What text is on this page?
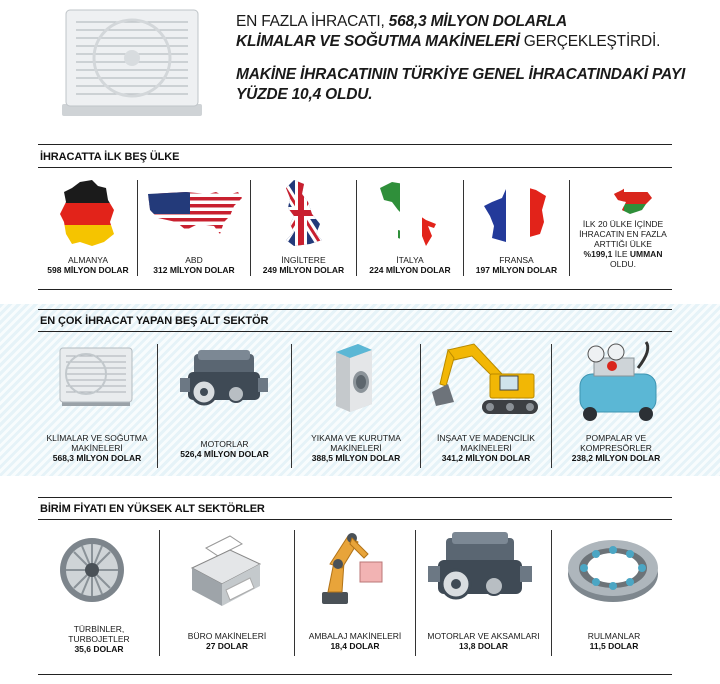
EN FAZLA İHRACATI, 568,3 MİLYON DOLARLA
KLİMALAR VE SOĞUTMA MAKİNELERİ GERÇEKLEŞTİRDİ.
MAKİNE İHRACATININ TÜRKİYE GENEL İHRACATINDAKİ PAYI YÜZDE 10,4 OLDU.
İHRACATTA İLK BEŞ ÜLKE
ALMANYA
598 MİLYON DOLAR
ABD
312 MİLYON DOLAR
İNGİLTERE
249 MİLYON DOLAR
İTALYA
224 MİLYON DOLAR
FRANSA
197 MİLYON DOLAR
İLK 20 ÜLKE İÇİNDE
İHRACATIN EN FAZLA
ARTTIĞI ÜLKE
%199,1 İLE UMMAN
OLDU.
EN ÇOK İHRACAT YAPAN BEŞ ALT SEKTÖR
KLİMALAR VE SOĞUTMA
MAKİNELERİ
568,3 MİLYON DOLAR
MOTORLAR
526,4 MİLYON DOLAR
YIKAMA VE KURUTMA
MAKİNELERİ
388,5 MİLYON DOLAR
İNŞAAT VE MADENCİLİK
MAKİNELERİ
341,2 MİLYON DOLAR
POMPALAR VE
KOMPRESÖRLER
238,2 MİLYON DOLAR
BİRİM FİYATI EN YÜKSEK ALT SEKTÖRLER
TÜRBİNLER,
TURBOJETLER
35,6 DOLAR
BÜRO MAKİNELERİ
27 DOLAR
AMBALAJ MAKİNELERİ
18,4 DOLAR
MOTORLAR VE AKSAMLARI
13,8 DOLAR
RULMANLAR
11,5 DOLAR
